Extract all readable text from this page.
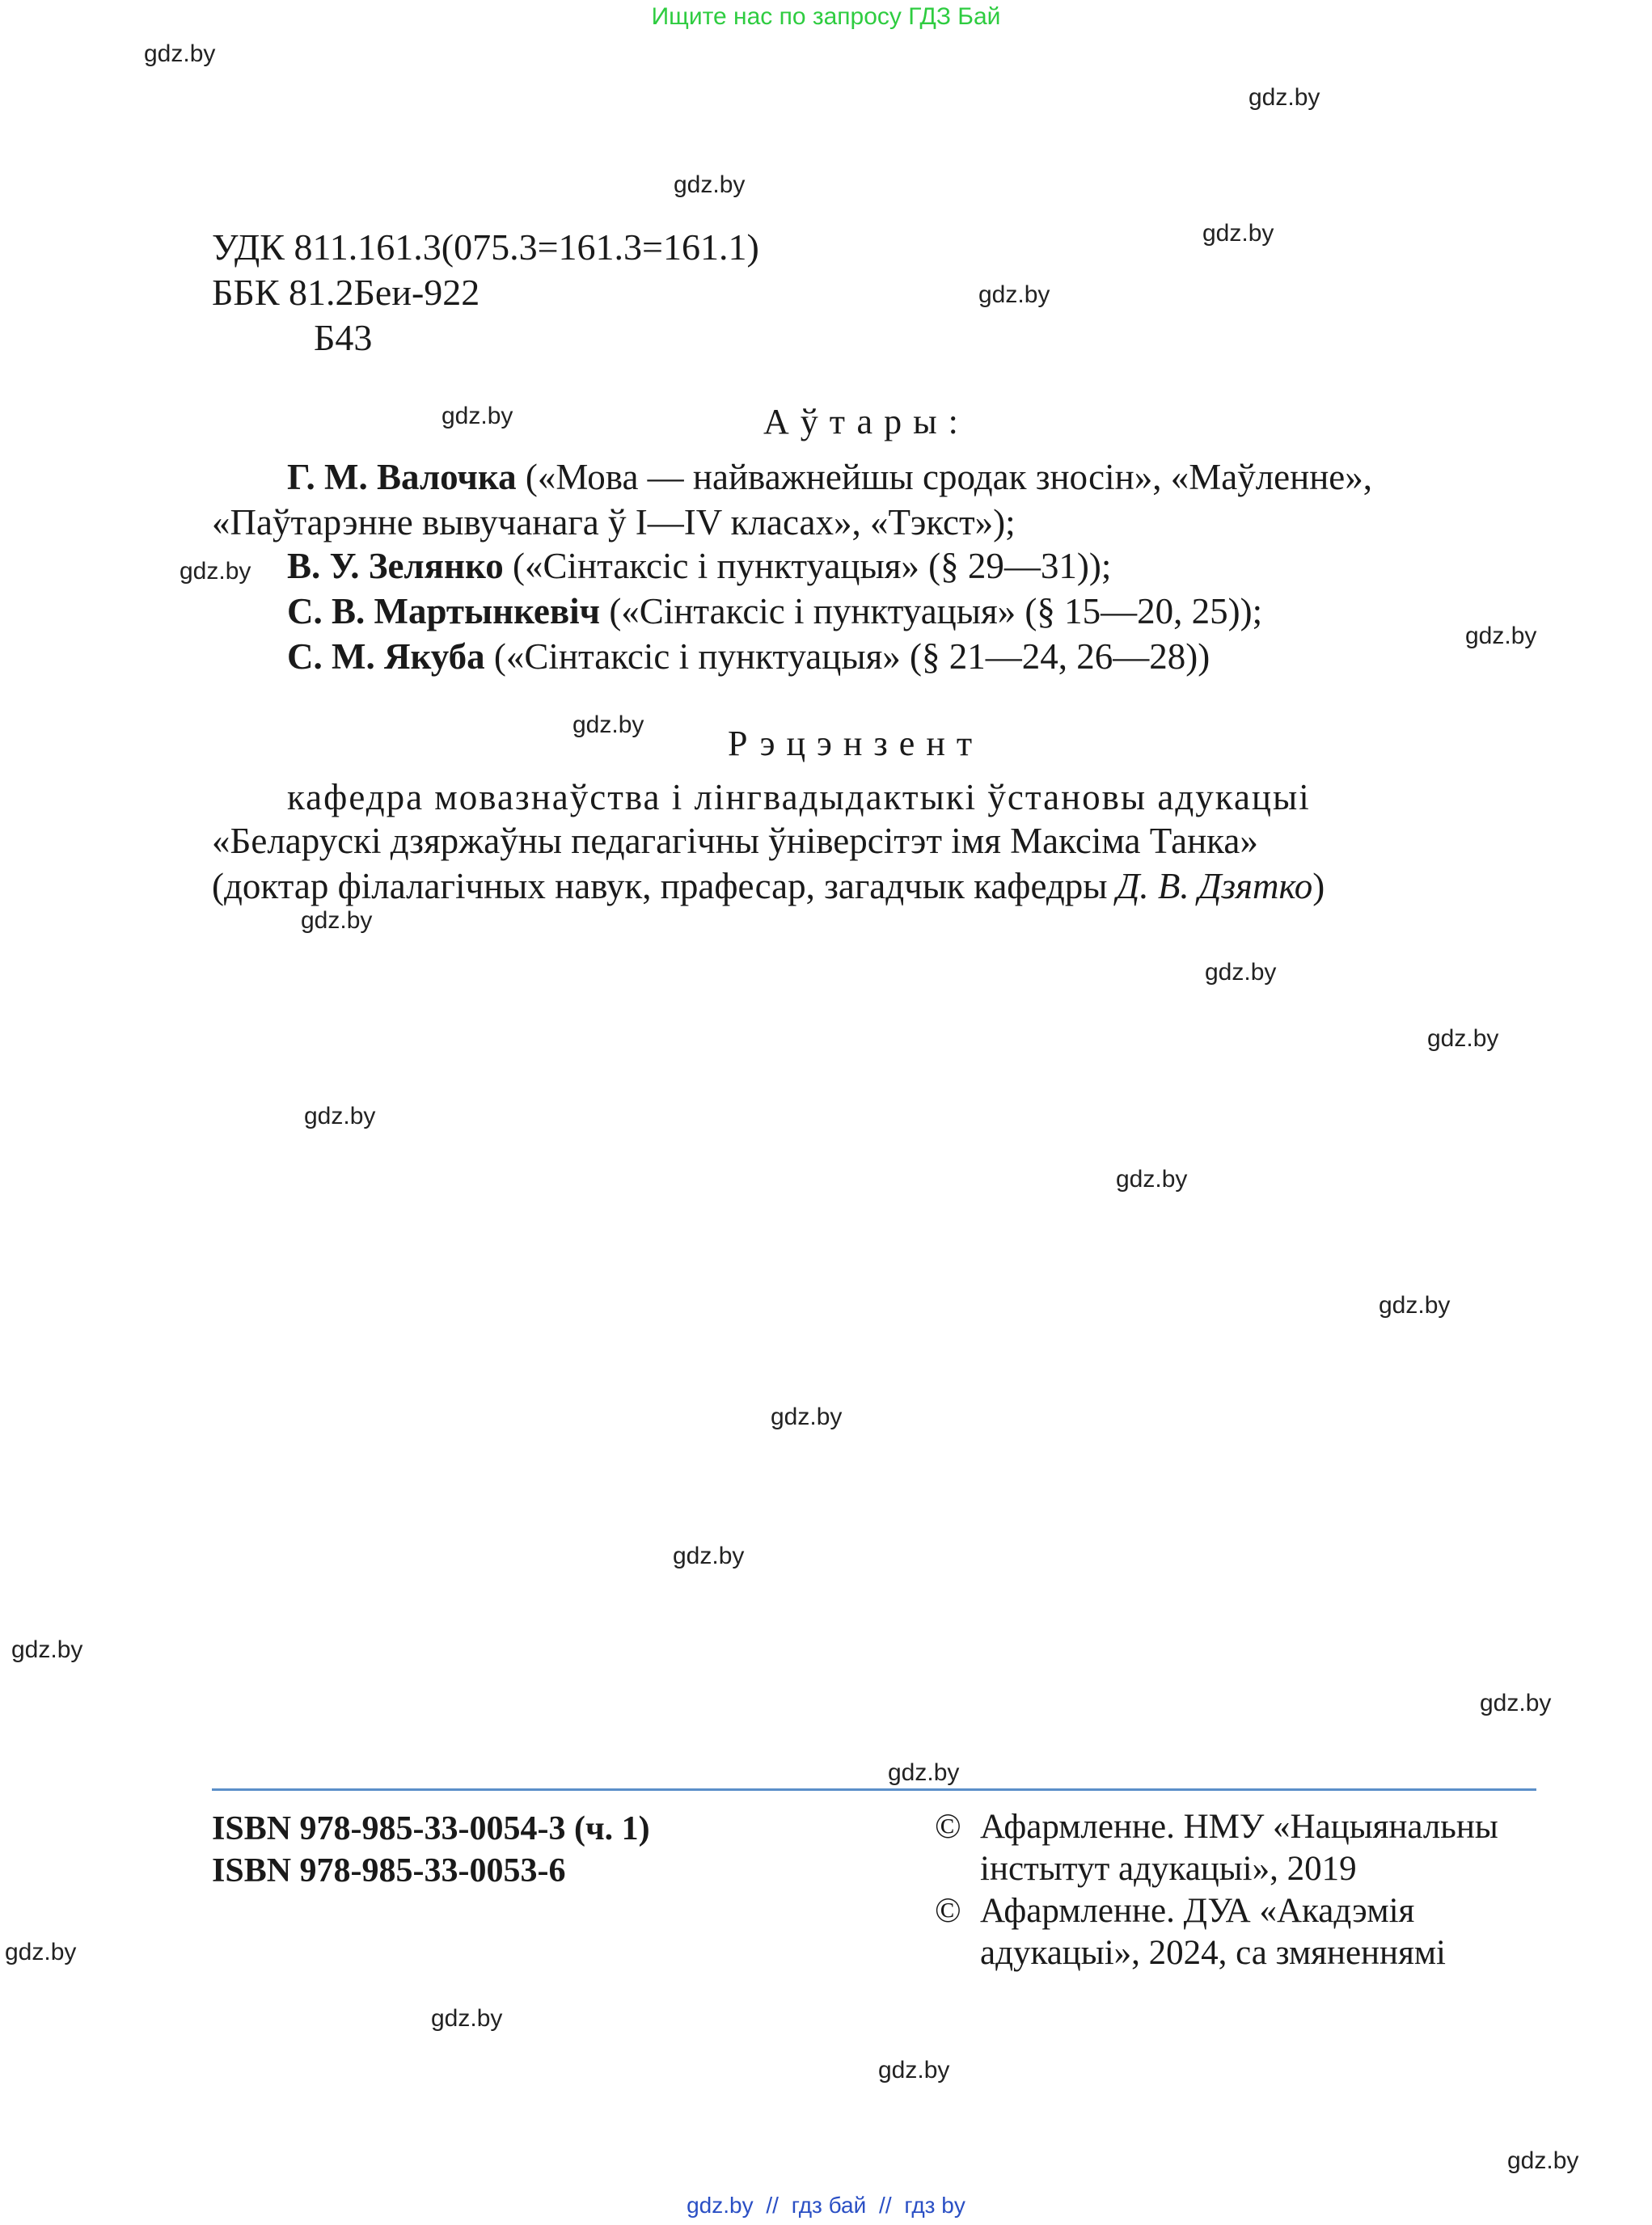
Ищите нас по запросу ГДЗ Бай
gdz.by
gdz.by
gdz.by
gdz.by
gdz.by
gdz.by
gdz.by
gdz.by
gdz.by
gdz.by
gdz.by
gdz.by
gdz.by
gdz.by
gdz.by
gdz.by
gdz.by
gdz.by
gdz.by
gdz.by
gdz.by
gdz.by
gdz.by
gdz.by
УДК 811.161.3(075.3=161.3=161.1)
ББК 81.2Беи-922
Б43
Аўтары:
Г. М. Валочка («Мова — найважнейшы сродак зносін», «Маўленне»,
«Паўтарэнне вывучанага ў I—IV класах», «Тэкст»);
В. У. Зелянко («Сінтаксіс і пунктуацыя» (§ 29—31));
С. В. Мартынкевіч («Сінтаксіс і пунктуацыя» (§ 15—20, 25));
С. М. Якуба («Сінтаксіс і пунктуацыя» (§ 21—24, 26—28))
Рэцэнзент
кафедра мовазнаўства і лінгвадыдактыкі ўстановы адукацыі
«Беларускі дзяржаўны педагагічны ўніверсітэт імя Максіма Танка»
(доктар філалагічных навук, прафесар, загадчык кафедры Д. В. Дзятко)
ISBN 978-985-33-0054-3 (ч. 1)
ISBN 978-985-33-0053-6
© Афармленне. НМУ «Нацыянальны
інстытут адукацыі», 2019
© Афармленне. ДУА «Акадэмія
адукацыі», 2024, са змяненнямі
gdz.by // гдз бай // гдз by
